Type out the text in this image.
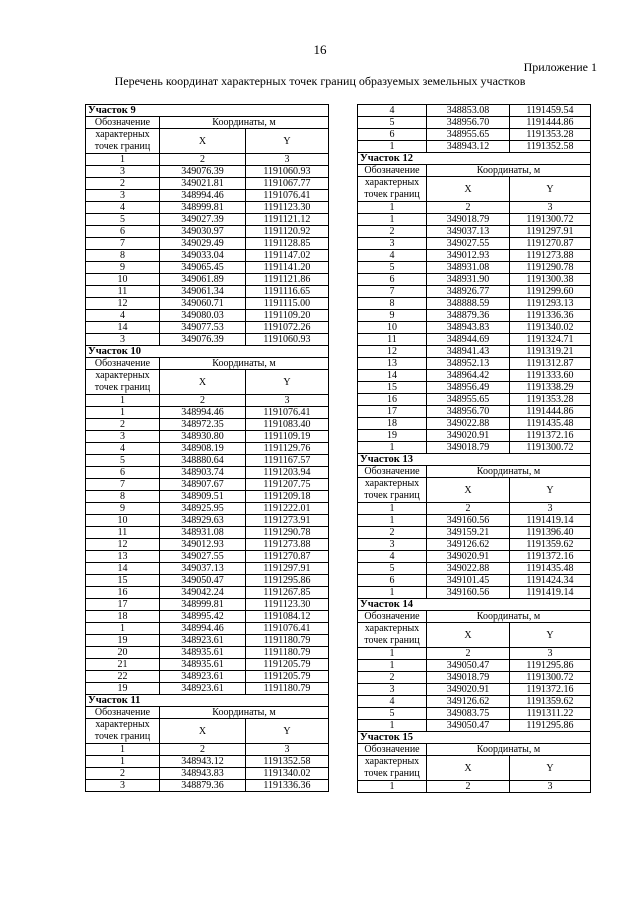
16
Приложение 1
Перечень координат характерных точек границ образуемых земельных участков
Участок 9		
Обозначение	Координаты, м	
характерных
точек границ	X	Y
1	2	3
3	349076.39	1191060.93
2	349021.81	1191067.77
3	348994.46	1191076.41
4	348999.81	1191123.30
5	349027.39	1191121.12
6	349030.97	1191120.92
7	349029.49	1191128.85
8	349033.04	1191147.02
9	349065.45	1191141.20
10	349061.89	1191121.86
11	349061.34	1191116.65
12	349060.71	1191115.00
4	349080.03	1191109.20
14	349077.53	1191072.26
3	349076.39	1191060.93
Участок 10		
Обозначение	Координаты, м	
характерных
точек границ	X	Y
1	2	3
1	348994.46	1191076.41
2	348972.35	1191083.40
3	348930.80	1191109.19
4	348908.19	1191129.76
5	348880.64	1191167.57
6	348903.74	1191203.94
7	348907.67	1191207.75
8	348909.51	1191209.18
9	348925.95	1191222.01
10	348929.63	1191273.91
11	348931.08	1191290.78
12	349012.93	1191273.88
13	349027.55	1191270.87
14	349037.13	1191297.91
15	349050.47	1191295.86
16	349042.24	1191267.85
17	348999.81	1191123.30
18	348995.42	1191084.12
1	348994.46	1191076.41
19	348923.61	1191180.79
20	348935.61	1191180.79
21	348935.61	1191205.79
22	348923.61	1191205.79
19	348923.61	1191180.79
Участок 11		
Обозначение	Координаты, м	
характерных
точек границ	X	Y
1	2	3
1	348943.12	1191352.58
2	348943.83	1191340.02
3	348879.36	1191336.36
4	348853.08	1191459.54
5	348956.70	1191444.86
6	348955.65	1191353.28
1	348943.12	1191352.58
Участок 12		
Обозначение	Координаты, м	
характерных
точек границ	X	Y
1	2	3
1	349018.79	1191300.72
2	349037.13	1191297.91
3	349027.55	1191270.87
4	349012.93	1191273.88
5	348931.08	1191290.78
6	348931.90	1191300.38
7	348926.77	1191299.60
8	348888.59	1191293.13
9	348879.36	1191336.36
10	348943.83	1191340.02
11	348944.69	1191324.71
12	348941.43	1191319.21
13	348952.13	1191312.87
14	348964.42	1191333.60
15	348956.49	1191338.29
16	348955.65	1191353.28
17	348956.70	1191444.86
18	349022.88	1191435.48
19	349020.91	1191372.16
1	349018.79	1191300.72
Участок 13		
Обозначение	Координаты, м	
характерных
точек границ	X	Y
1	2	3
1	349160.56	1191419.14
2	349159.21	1191396.40
3	349126.62	1191359.62
4	349020.91	1191372.16
5	349022.88	1191435.48
6	349101.45	1191424.34
1	349160.56	1191419.14
Участок 14		
Обозначение	Координаты, м	
характерных
точек границ	X	Y
1	2	3
1	349050.47	1191295.86
2	349018.79	1191300.72
3	349020.91	1191372.16
4	349126.62	1191359.62
5	349083.75	1191311.22
1	349050.47	1191295.86
Участок 15		
Обозначение	Координаты, м	
характерных
точек границ	X	Y
1	2	3
